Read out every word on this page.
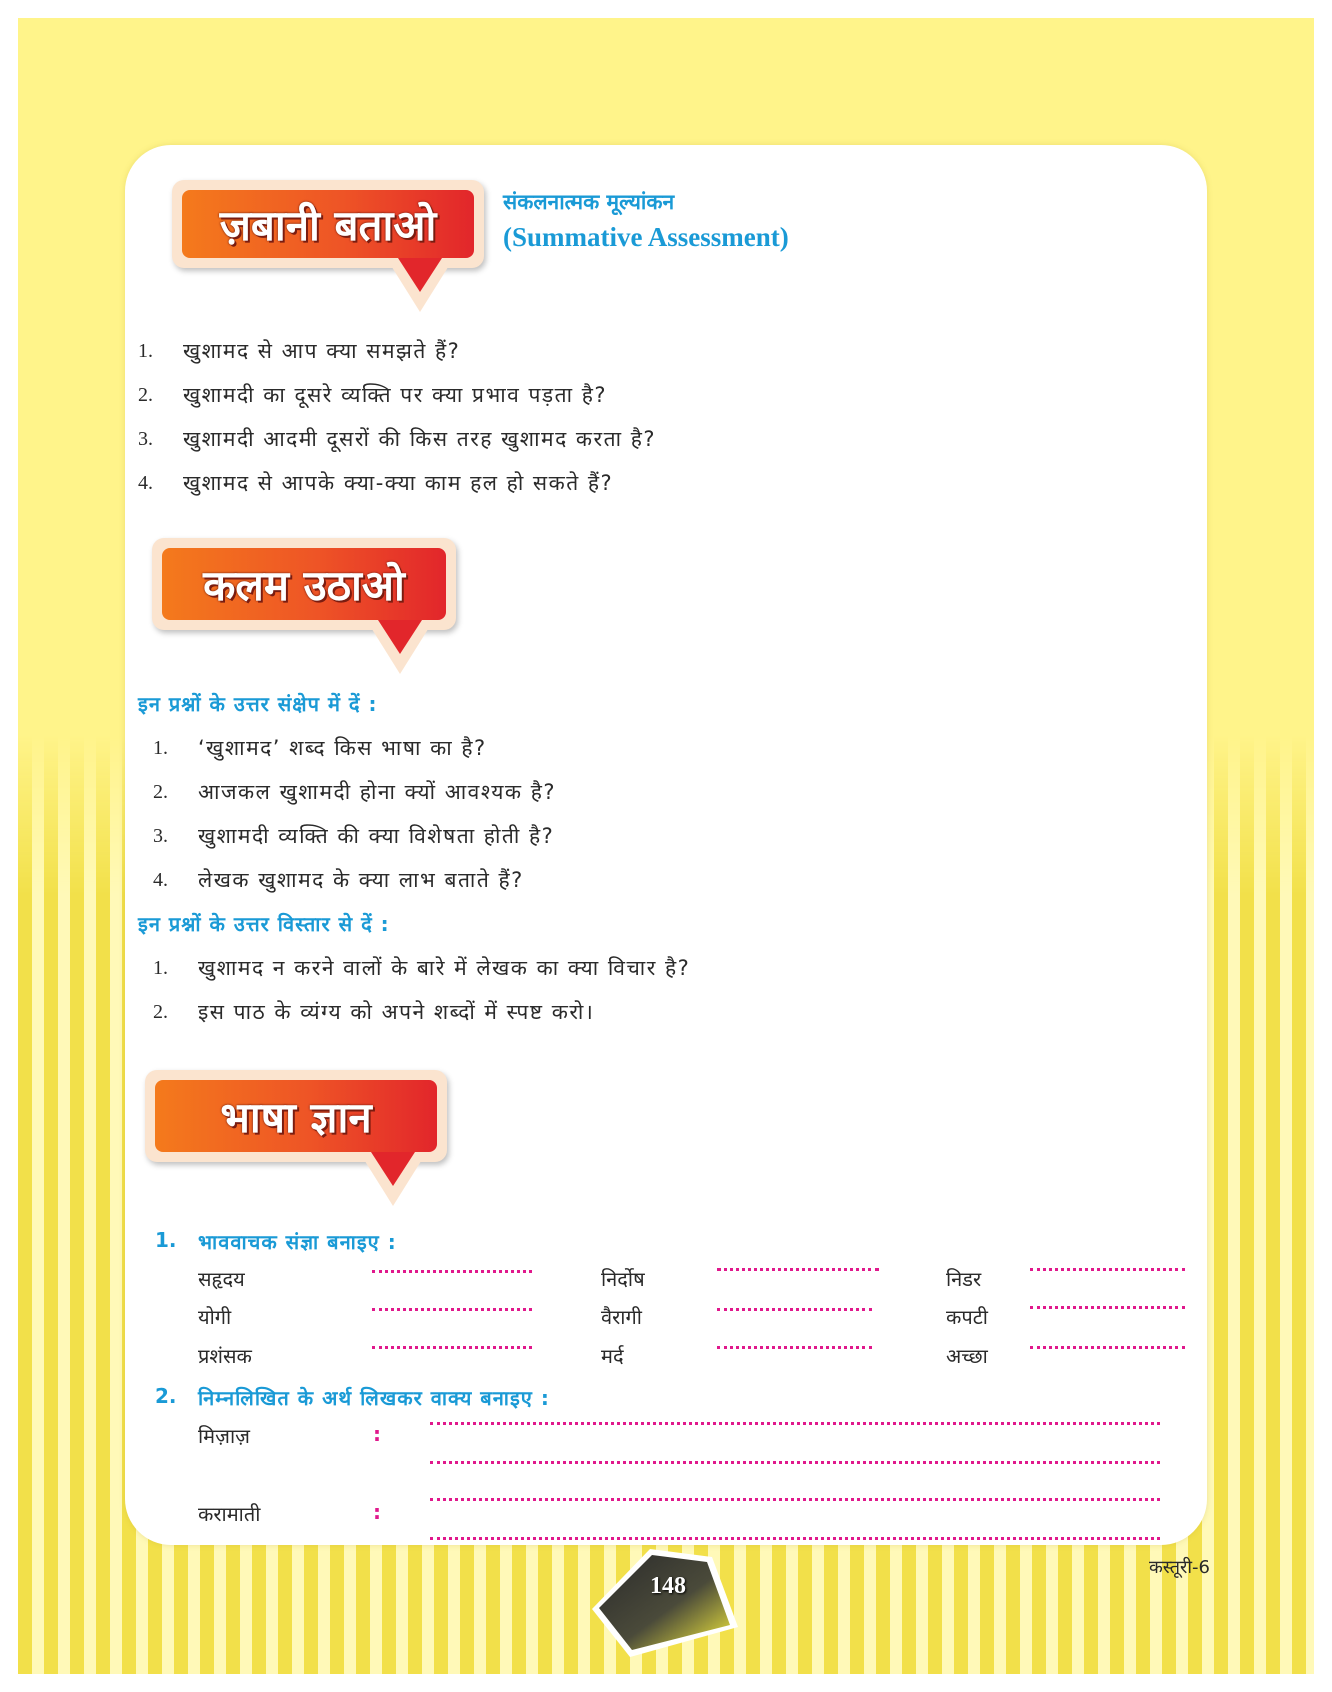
ज़बानी बताओ	संकलनात्मक मूल्यांकन
(Summative Assessment)
1. खुशामद से आप क्या समझते हैं?
2. खुशामदी का दूसरे व्यक्ति पर क्या प्रभाव पड़ता है?
3. खुशामदी आदमी दूसरों की किस तरह खुशामद करता है?
4. खुशामद से आपके क्या-क्या काम हल हो सकते हैं?
कलम उठाओ
इन प्रश्नों के उत्तर संक्षेप में दें :
1. ‘खुशामद’ शब्द किस भाषा का है?
2. आजकल खुशामदी होना क्यों आवश्यक है?
3. खुशामदी व्यक्ति की क्या विशेषता होती है?
4. लेखक खुशामद के क्या लाभ बताते हैं?
इन प्रश्नों के उत्तर विस्तार से दें :
1. खुशामद न करने वालों के बारे में लेखक का क्या विचार है?
2. इस पाठ के व्यंग्य को अपने शब्दों में स्पष्ट करो।
भाषा ज्ञान
1. भाववाचक संज्ञा बनाइए :
सहृदय	निर्दोष	निडर
योगी	वैरागी	कपटी
प्रशंसक	मर्द	अच्छा
2. निम्नलिखित के अर्थ लिखकर वाक्य बनाइए :
मिज़ाज़	:
करामाती	:
कस्तूरी-6
148
